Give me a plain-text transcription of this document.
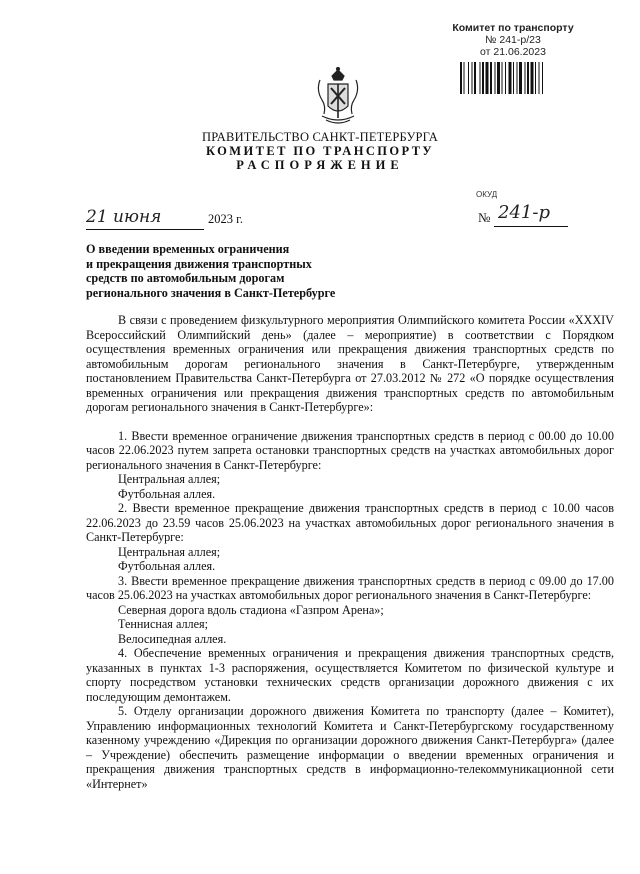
Комитет по транспорту
№ 241-р/23
от 21.06.2023
ПРАВИТЕЛЬСТВО САНКТ-ПЕТЕРБУРГА
КОМИТЕТ ПО ТРАНСПОРТУ
РАСПОРЯЖЕНИЕ
ОКУД
21 июня	2023 г.	№ 241-р
О введении временных ограничения
и прекращения движения транспортных
средств по автомобильным дорогам
регионального значения в Санкт-Петербурге

В связи с проведением физкультурного мероприятия Олимпийского комитета России «XXXIV Всероссийский Олимпийский день» (далее – мероприятие) в соответствии с Порядком осуществления временных ограничения или прекращения движения транспортных средств по автомобильным дорогам регионального значения в Санкт-Петербурге, утвержденным постановлением Правительства Санкт-Петербурга от 27.03.2012 № 272 «О порядке осуществления временных ограничения или прекращения движения транспортных средств по автомобильным дорогам регионального значения в Санкт-Петербурге»:

1. Ввести временное ограничение движения транспортных средств в период с 00.00 до 10.00 часов 22.06.2023 путем запрета остановки транспортных средств на участках автомобильных дорог регионального значения в Санкт-Петербурге:

Центральная аллея;

Футбольная аллея.

2. Ввести временное прекращение движения транспортных средств в период с 10.00 часов 22.06.2023 до 23.59 часов 25.06.2023 на участках автомобильных дорог регионального значения в Санкт-Петербурге:

Центральная аллея;

Футбольная аллея.

3. Ввести временное прекращение движения транспортных средств в период с 09.00 до 17.00 часов 25.06.2023 на участках автомобильных дорог регионального значения в Санкт-Петербурге:

Северная дорога вдоль стадиона «Газпром Арена»;

Теннисная аллея;

Велосипедная аллея.

4. Обеспечение временных ограничения и прекращения движения транспортных средств, указанных в пунктах 1-3 распоряжения, осуществляется Комитетом по физической культуре и спорту посредством установки технических средств организации дорожного движения с их последующим демонтажем.

5. Отделу организации дорожного движения Комитета по транспорту (далее – Комитет), Управлению информационных технологий Комитета и Санкт-Петербургскому государственному казенному учреждению «Дирекция по организации дорожного движения Санкт-Петербурга» (далее – Учреждение) обеспечить размещение информации о введении временных ограничения и прекращения движения транспортных средств в информационно-телекоммуникационной сети «Интернет»
